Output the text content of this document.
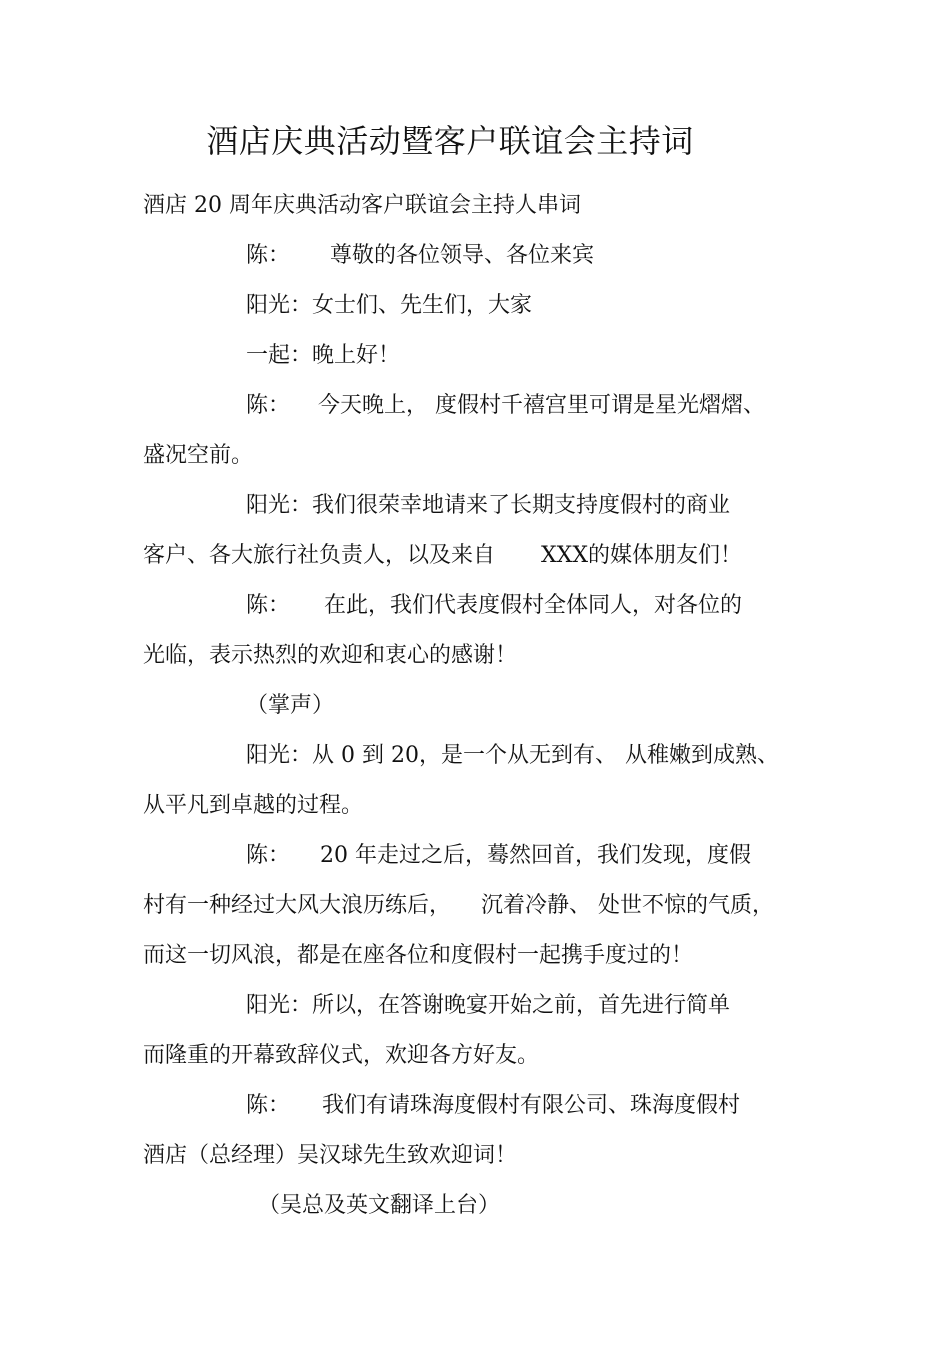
酒店庆典活动暨客户联谊会主持词
酒店 20 周年庆典活动客户联谊会主持人串词
陈： 尊敬的各位领导、各位来宾
阳光：女士们、先生们，大家
一起：晚上好！
陈： 今天晚上， 度假村千禧宫里可谓是星光熠熠、
盛况空前。
阳光：我们很荣幸地请来了长期支持度假村的商业
客户、各大旅行社负责人，以及来自 XXX的媒体朋友们！
陈： 在此，我们代表度假村全体同人，对各位的
光临，表示热烈的欢迎和衷心的感谢！
（掌声）
阳光：从 0 到 20，是一个从无到有、 从稚嫩到成熟、
从平凡到卓越的过程。
陈： 20 年走过之后，蓦然回首，我们发现，度假
村有一种经过大风大浪历练后， 沉着冷静、 处世不惊的气质，
而这一切风浪，都是在座各位和度假村一起携手度过的！
阳光：所以，在答谢晚宴开始之前，首先进行简单
而隆重的开幕致辞仪式，欢迎各方好友。
陈： 我们有请珠海度假村有限公司、珠海度假村
酒店（总经理）吴汉球先生致欢迎词！
（吴总及英文翻译上台）
